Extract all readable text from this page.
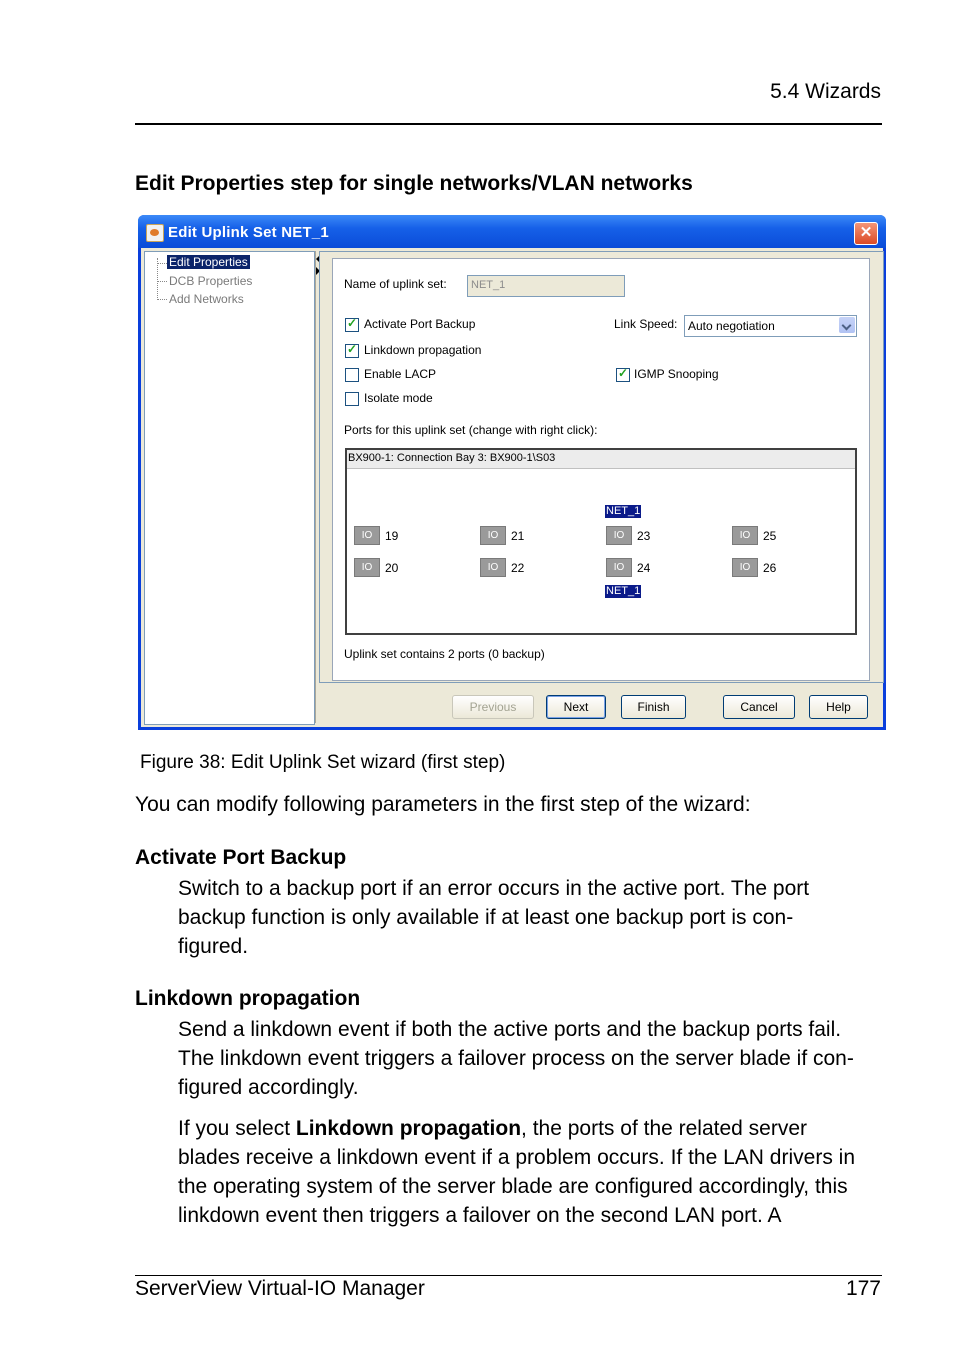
5.4 Wizards
Edit Properties step for single networks/VLAN networks
Edit Uplink Set NET_1	✕
Edit Properties
DCB Properties
Add Networks
Name of uplink set: NET_1
✓
Activate Port Backup	Link Speed: Auto negotiation
✓
Linkdown propagation
Enable LACP
✓	IGMP Snooping
Isolate mode
Ports for this uplink set (change with right click):
BX900-1: Connection Bay 3: BX900-1\S03
NET_1
IO	19	IO	21	IO	23	IO	25
IO	20	IO	22	IO	24	IO	26
NET_1
Uplink set contains 2 ports (0 backup)
Previous	Next	Finish	Cancel	Help
Figure 38: Edit Uplink Set wizard (first step)
You can modify following parameters in the first step of the wizard:
Activate Port Backup
Switch to a backup port if an error occurs in the active port. The port
backup function is only available if at least one backup port is con-
figured.
Linkdown propagation
Send a linkdown event if both the active ports and the backup ports fail.
The linkdown event triggers a failover process on the server blade if con-
figured accordingly.
If you select Linkdown propagation, the ports of the related server
blades receive a linkdown event if a problem occurs. If the LAN drivers in
the operating system of the server blade are configured accordingly, this
linkdown event then triggers a failover on the second LAN port. A
ServerView Virtual-IO Manager	177
